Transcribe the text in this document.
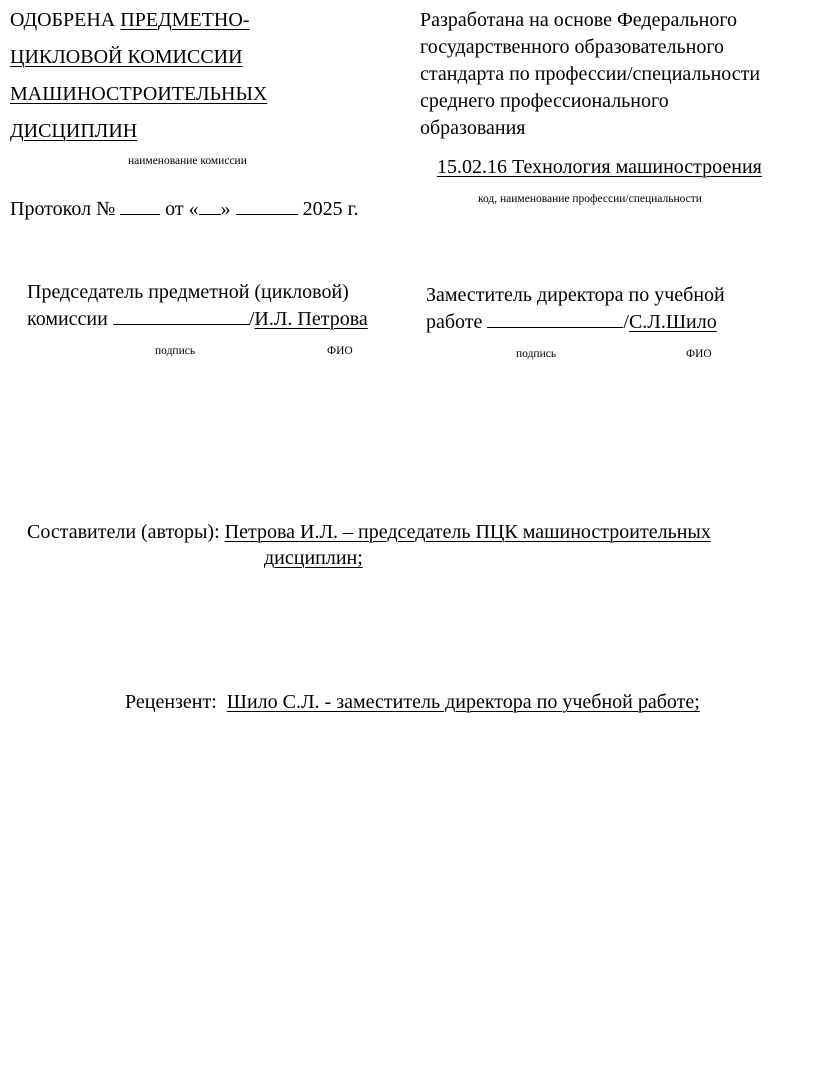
ОДОБРЕНА ПРЕДМЕТНО-
ЦИКЛОВОЙ КОМИССИИ
МАШИНОСТРОИТЕЛЬНЫХ
ДИСЦИПЛИН
наименование комиссии
Протокол №	от « »	2025 г.
Разработана на основе Федерального
государственного образовательного
стандарта по профессии/специальности
среднего профессионального
образования
15.02.16 Технология машиностроения
код, наименование профессии/специальности
Председатель предметной (цикловой)
комиссии	/И.Л. Петрова
подпись	ФИО
Заместитель директора по учебной
работе	/С.Л.Шило
подпись	ФИО
Составители (авторы): Петрова И.Л. – председатель ПЦК машиностроительных
дисциплин;
Рецензент: Шило С.Л. - заместитель директора по учебной работе;
